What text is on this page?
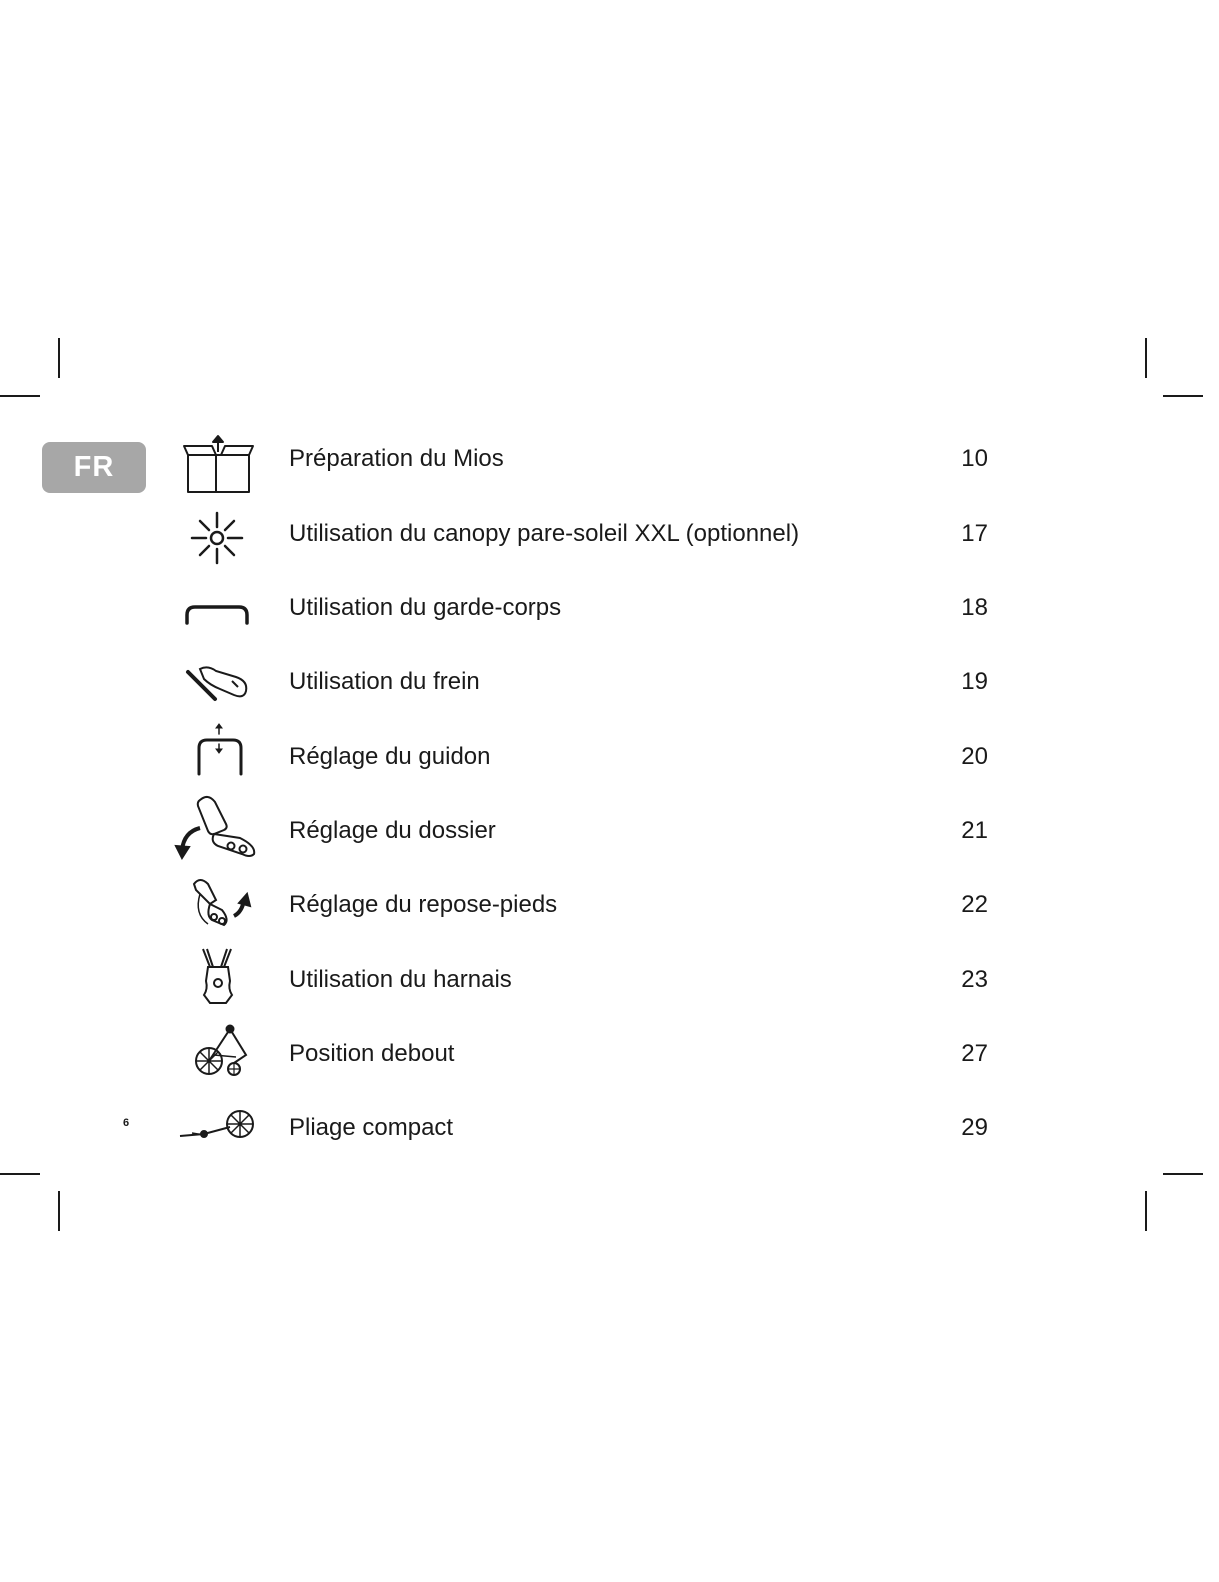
FR
6
Préparation du Mios	10
Utilisation du canopy pare-soleil XXL (optionnel)	17
Utilisation du garde-corps	18
Utilisation du frein	19
Réglage du guidon	20
Réglage du dossier	21
Réglage du repose-pieds	22
Utilisation du harnais	23
Position debout	27
Pliage compact	29
